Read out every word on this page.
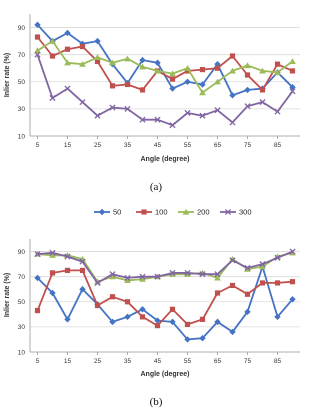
10
30
50
70
90
5	15	25	35	45	55	65	75	85
Inlier rate (%)
Angle (degree)
(a)
10
30
50
70
90
5	15	25	35	45	55	65	75	85
Inlier rate (%)
Angle (degree)
(b)
50	100	200	300
